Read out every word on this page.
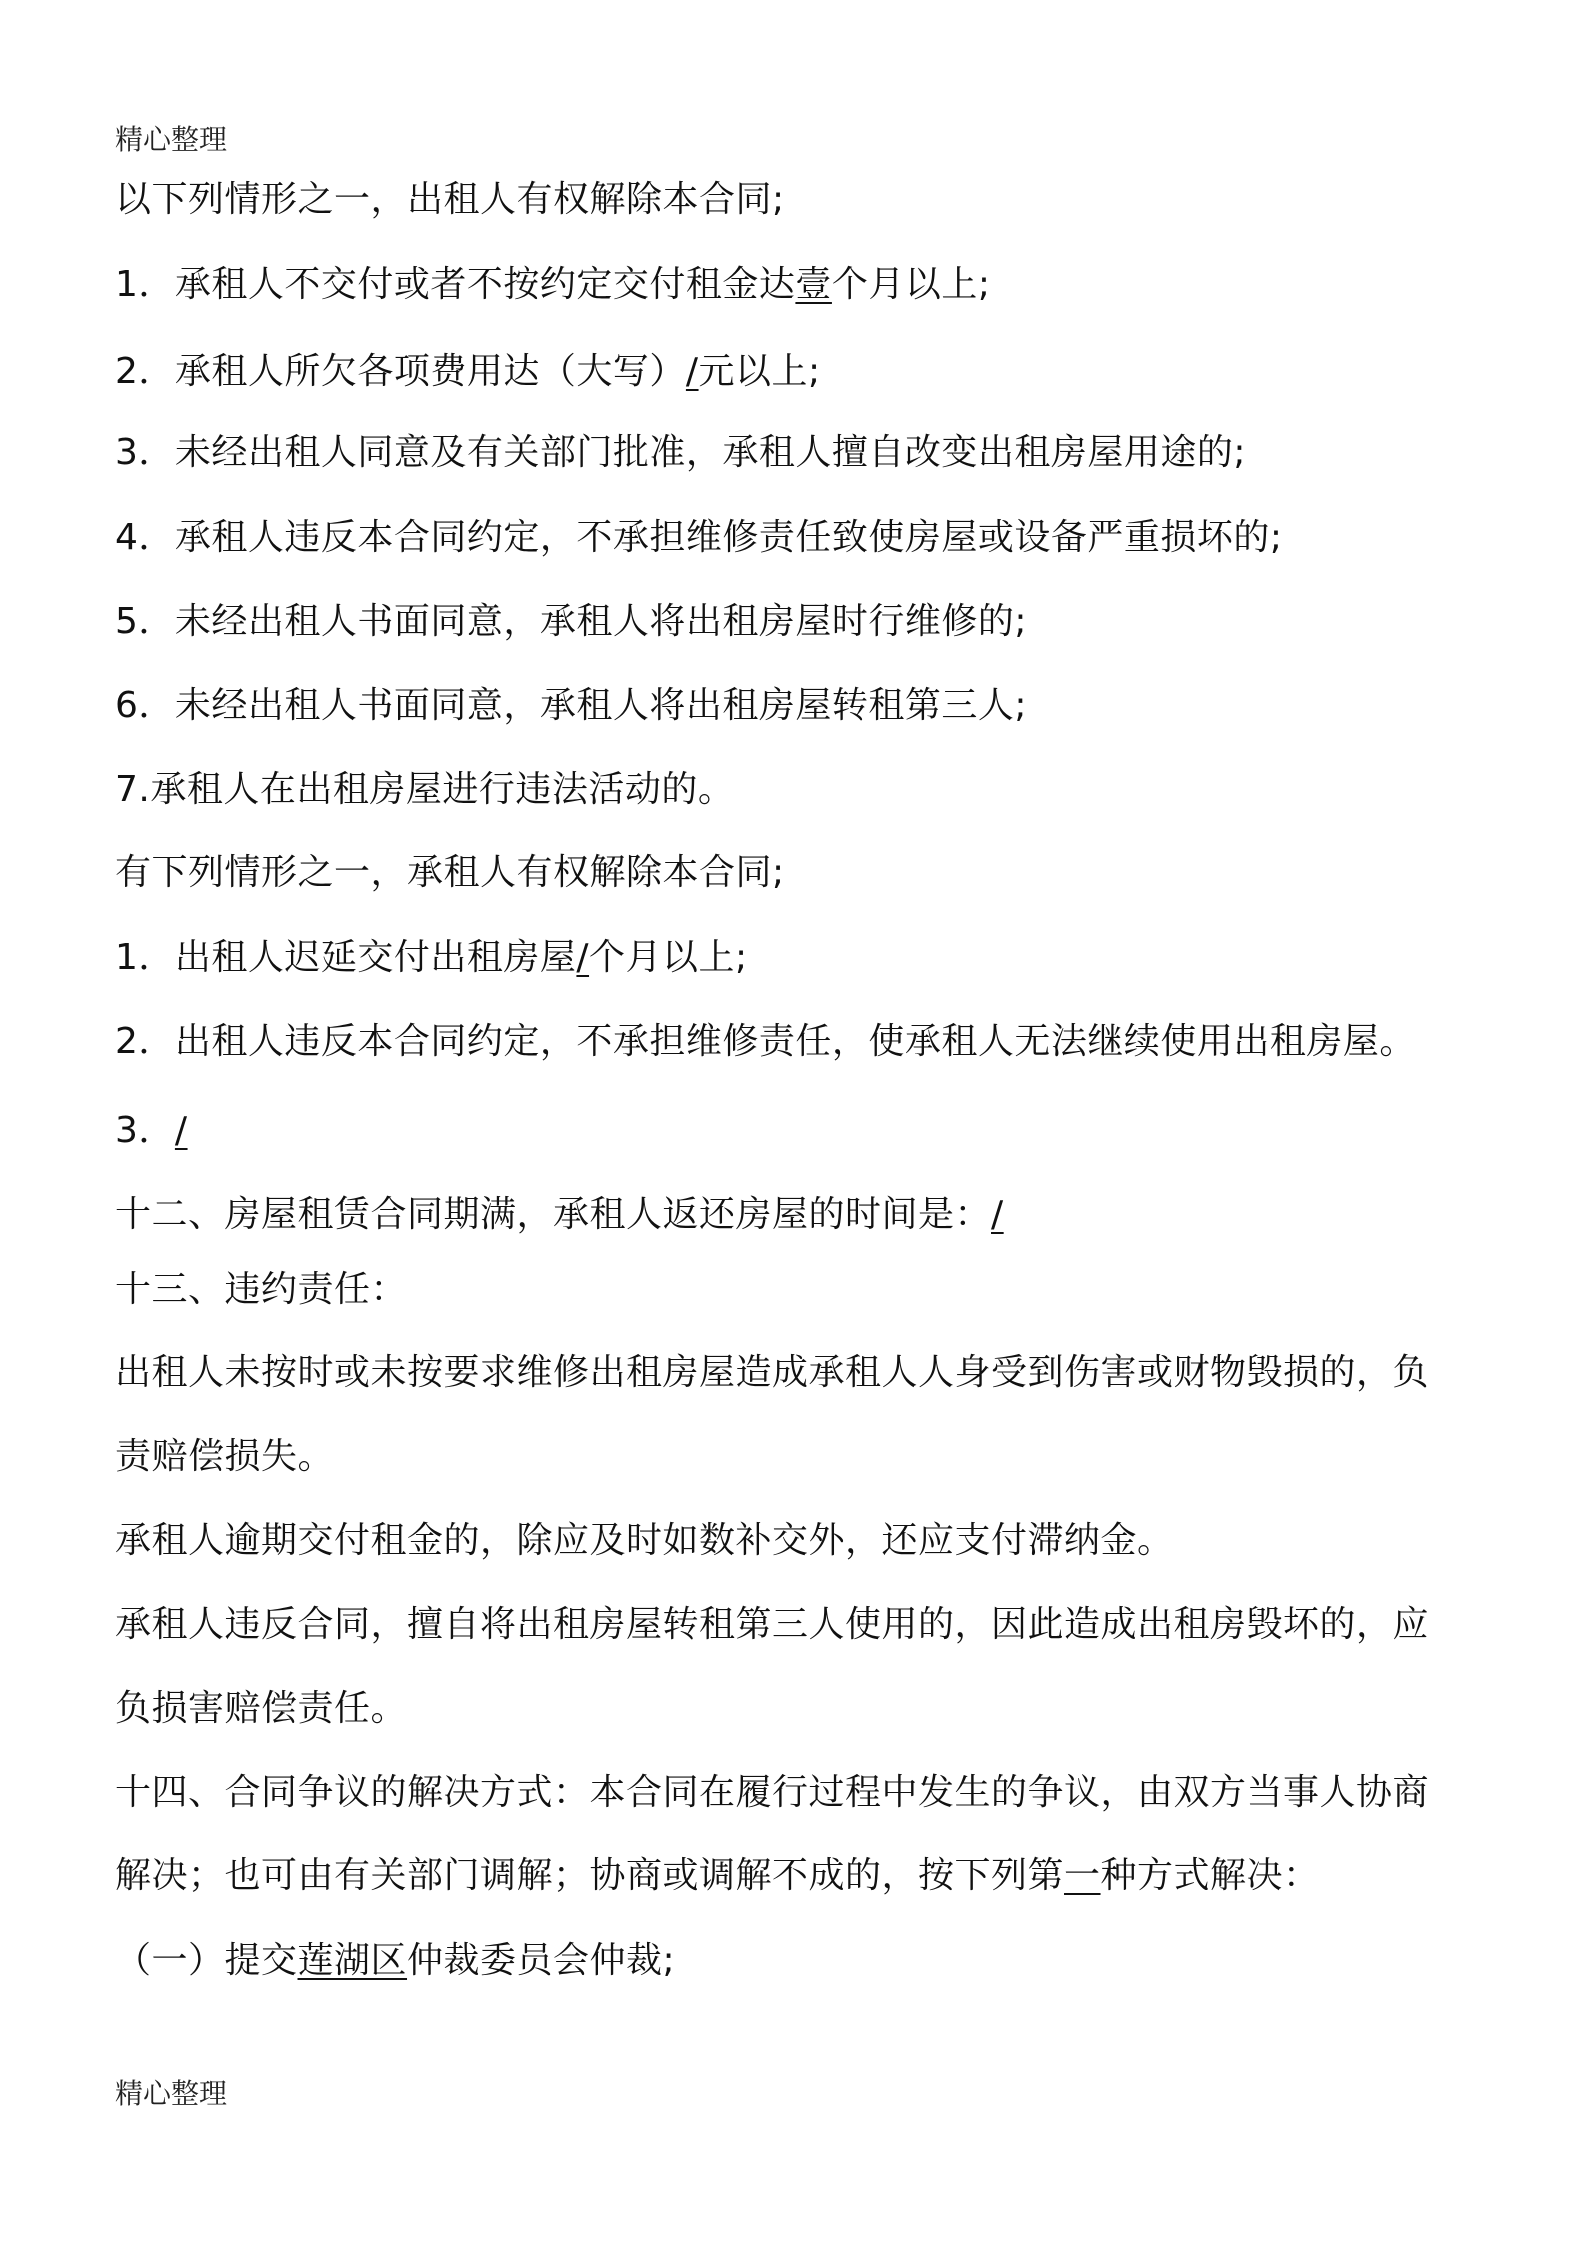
精心整理
以下列情形之一，出租人有权解除本合同;
1．承租人不交付或者不按约定交付租金达壹个月以上;
2．承租人所欠各项费用达（大写）/元以上;
3．未经出租人同意及有关部门批准，承租人擅自改变出租房屋用途的;
4．承租人违反本合同约定，不承担维修责任致使房屋或设备严重损坏的;
5．未经出租人书面同意，承租人将出租房屋时行维修的;
6．未经出租人书面同意，承租人将出租房屋转租第三人;
7.承租人在出租房屋进行违法活动的。
有下列情形之一，承租人有权解除本合同;
1．出租人迟延交付出租房屋/个月以上;
2．出租人违反本合同约定，不承担维修责任，使承租人无法继续使用出租房屋。
3．/
十二、房屋租赁合同期满，承租人返还房屋的时间是：/
十三、违约责任：
出租人未按时或未按要求维修出租房屋造成承租人人身受到伤害或财物毁损的，负
责赔偿损失。
承租人逾期交付租金的，除应及时如数补交外，还应支付滞纳金。
承租人违反合同，擅自将出租房屋转租第三人使用的，因此造成出租房毁坏的，应
负损害赔偿责任。
十四、合同争议的解决方式：本合同在履行过程中发生的争议，由双方当事人协商
解决；也可由有关部门调解；协商或调解不成的，按下列第一种方式解决：
（一）提交莲湖区仲裁委员会仲裁;
精心整理
